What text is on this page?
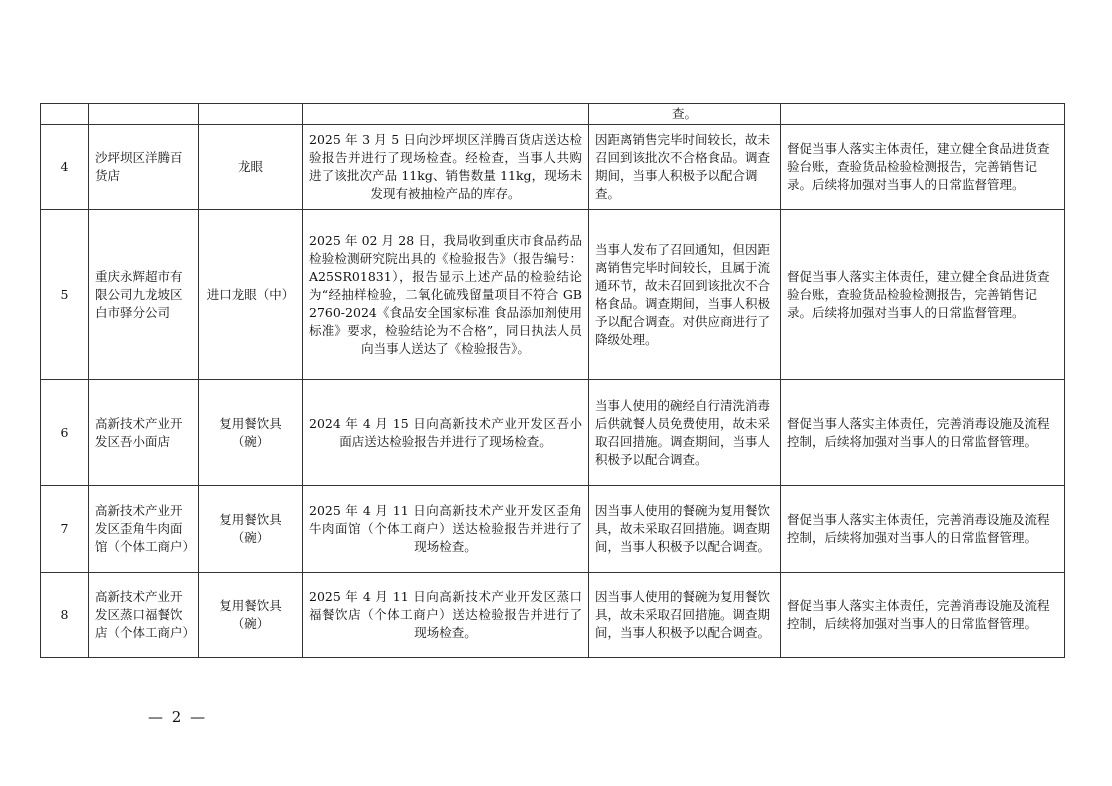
				查。	
4	沙坪坝区洋腾百货店	龙眼	2025 年 3 月 5 日向沙坪坝区洋腾百货店送达检验报告并进行了现场检查。经检查，当事人共购进了该批次产品 11kg、销售数量 11kg，现场未发现有被抽检产品的库存。	因距离销售完毕时间较长，故未召回到该批次不合格食品。调查期间，当事人积极予以配合调查。	督促当事人落实主体责任，建立健全食品进货查验台账，查验货品检验检测报告，完善销售记录。后续将加强对当事人的日常监督管理。
5	重庆永辉超市有限公司九龙坡区白市驿分公司	进口龙眼（中）	2025 年 02 月 28 日，我局收到重庆市食品药品检验检测研究院出具的《检验报告》（报告编号：A25SR01831），报告显示上述产品的检验结论为“经抽样检验，二氧化硫残留量项目不符合 GB 2760-2024《食品安全国家标准 食品添加剂使用标准》要求，检验结论为不合格”，同日执法人员向当事人送达了《检验报告》。	当事人发布了召回通知，但因距离销售完毕时间较长，且属于流通环节，故未召回到该批次不合格食品。调查期间，当事人积极予以配合调查。对供应商进行了降级处理。	督促当事人落实主体责任，建立健全食品进货查验台账，查验货品检验检测报告，完善销售记录。后续将加强对当事人的日常监督管理。
6	高新技术产业开发区吾小面店	复用餐饮具（碗）	2024 年 4 月 15 日向高新技术产业开发区吾小面店送达检验报告并进行了现场检查。	当事人使用的碗经自行清洗消毒后供就餐人员免费使用，故未采取召回措施。调查期间，当事人积极予以配合调查。	督促当事人落实主体责任，完善消毒设施及流程控制，后续将加强对当事人的日常监督管理。
7	高新技术产业开发区歪角牛肉面馆（个体工商户）	复用餐饮具（碗）	2025 年 4 月 11 日向高新技术产业开发区歪角牛肉面馆（个体工商户）送达检验报告并进行了现场检查。	因当事人使用的餐碗为复用餐饮具，故未采取召回措施。调查期间，当事人积极予以配合调查。	督促当事人落实主体责任，完善消毒设施及流程控制，后续将加强对当事人的日常监督管理。
8	高新技术产业开发区蒸口福餐饮店（个体工商户）	复用餐饮具（碗）	2025 年 4 月 11 日向高新技术产业开发区蒸口福餐饮店（个体工商户）送达检验报告并进行了现场检查。	因当事人使用的餐碗为复用餐饮具，故未采取召回措施。调查期间，当事人积极予以配合调查。	督促当事人落实主体责任，完善消毒设施及流程控制，后续将加强对当事人的日常监督管理。
— 2 —
